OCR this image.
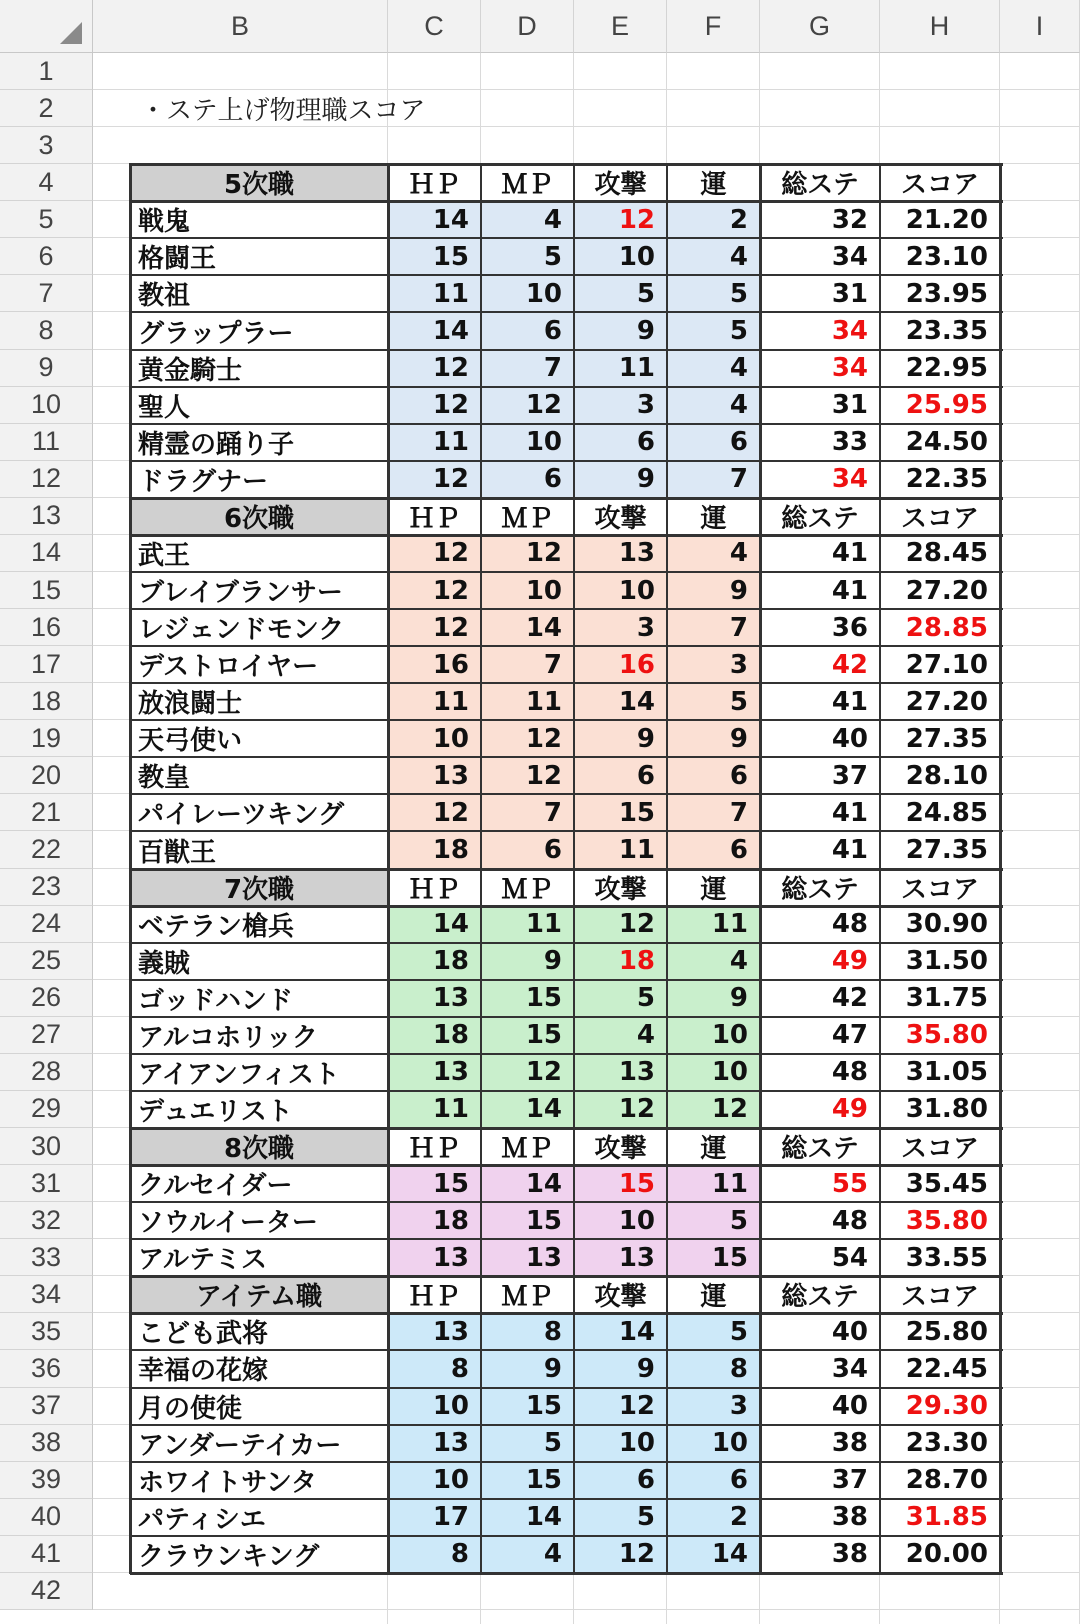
B	C	D	E	F	G	H	I
1
2
3
4
5
6
7
8
9
10
11
12
13
14
15
16
17
18
19
20
21
22
23
24
25
26
27
28
29
30
31
32
33
34
35
36
37
38
39
40
41
42
・ステ上げ物理職スコア
5次職	ＨＰ	ＭＰ	攻撃	運	総ステ	スコア
戦鬼	14	4	12	2	32	21.20
格闘王	15	5	10	4	34	23.10
教祖	11	10	5	5	31	23.95
グラップラー	14	6	9	5	34	23.35
黄金騎士	12	7	11	4	34	22.95
聖人	12	12	3	4	31	25.95
精霊の踊り子	11	10	6	6	33	24.50
ドラグナー	12	6	9	7	34	22.35
6次職	ＨＰ	ＭＰ	攻撃	運	総ステ	スコア
武王	12	12	13	4	41	28.45
ブレイブランサー	12	10	10	9	41	27.20
レジェンドモンク	12	14	3	7	36	28.85
デストロイヤー	16	7	16	3	42	27.10
放浪闘士	11	11	14	5	41	27.20
天弓使い	10	12	9	9	40	27.35
教皇	13	12	6	6	37	28.10
パイレーツキング	12	7	15	7	41	24.85
百獣王	18	6	11	6	41	27.35
7次職	ＨＰ	ＭＰ	攻撃	運	総ステ	スコア
ベテラン槍兵	14	11	12	11	48	30.90
義賊	18	9	18	4	49	31.50
ゴッドハンド	13	15	5	9	42	31.75
アルコホリック	18	15	4	10	47	35.80
アイアンフィスト	13	12	13	10	48	31.05
デュエリスト	11	14	12	12	49	31.80
8次職	ＨＰ	ＭＰ	攻撃	運	総ステ	スコア
クルセイダー	15	14	15	11	55	35.45
ソウルイーター	18	15	10	5	48	35.80
アルテミス	13	13	13	15	54	33.55
アイテム職	ＨＰ	ＭＰ	攻撃	運	総ステ	スコア
こども武将	13	8	14	5	40	25.80
幸福の花嫁	8	9	9	8	34	22.45
月の使徒	10	15	12	3	40	29.30
アンダーテイカー	13	5	10	10	38	23.30
ホワイトサンタ	10	15	6	6	37	28.70
パティシエ	17	14	5	2	38	31.85
クラウンキング	8	4	12	14	38	20.00
